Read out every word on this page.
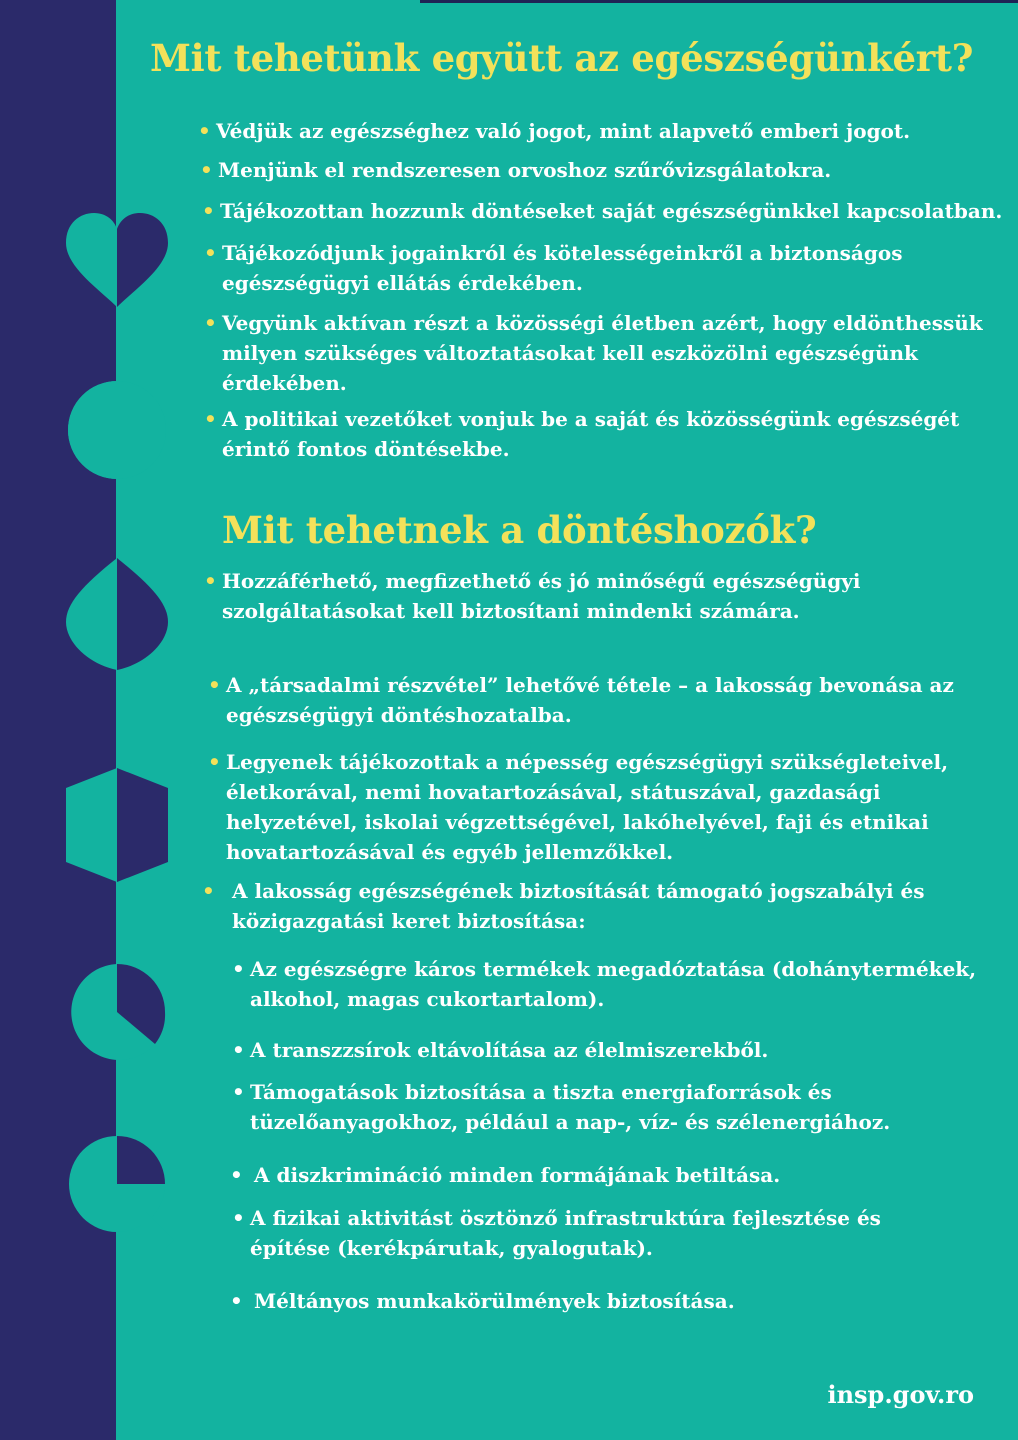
Mit tehetünk együtt az egészségünkért?
• Védjük az egészséghez való jogot, mint alapvető emberi jogot.
• Menjünk el rendszeresen orvoshoz szűrővizsgálatokra.
• Tájékozottan hozzunk döntéseket saját egészségünkkel kapcsolatban.
• Tájékozódjunk jogainkról és kötelességeinkről a biztonságos
egészségügyi ellátás érdekében.
• Vegyünk aktívan részt a közösségi életben azért, hogy eldönthessük
milyen szükséges változtatásokat kell eszközölni egészségünk
érdekében.
• A politikai vezetőket vonjuk be a saját és közösségünk egészségét
érintő fontos döntésekbe.
Mit tehetnek a döntéshozók?
• Hozzáférhető, megfizethető és jó minőségű egészségügyi
szolgáltatásokat kell biztosítani mindenki számára.
• A „társadalmi részvétel” lehetővé tétele – a lakosság bevonása az
egészségügyi döntéshozatalba.
• Legyenek tájékozottak a népesség egészségügyi szükségleteivel,
életkorával, nemi hovatartozásával, státuszával, gazdasági
helyzetével, iskolai végzettségével, lakóhelyével, faji és etnikai
hovatartozásával és egyéb jellemzőkkel.
• A lakosság egészségének biztosítását támogató jogszabályi és
közigazgatási keret biztosítása:
• Az egészségre káros termékek megadóztatása (dohánytermékek,
alkohol, magas cukortartalom).
• A transzzsírok eltávolítása az élelmiszerekből.
• Támogatások biztosítása a tiszta energiaforrások és
tüzelőanyagokhoz, például a nap-, víz- és szélenergiához.
• A diszkrimináció minden formájának betiltása.
• A fizikai aktivitást ösztönző infrastruktúra fejlesztése és
építése (kerékpárutak, gyalogutak).
• Méltányos munkakörülmények biztosítása.
insp.gov.ro
